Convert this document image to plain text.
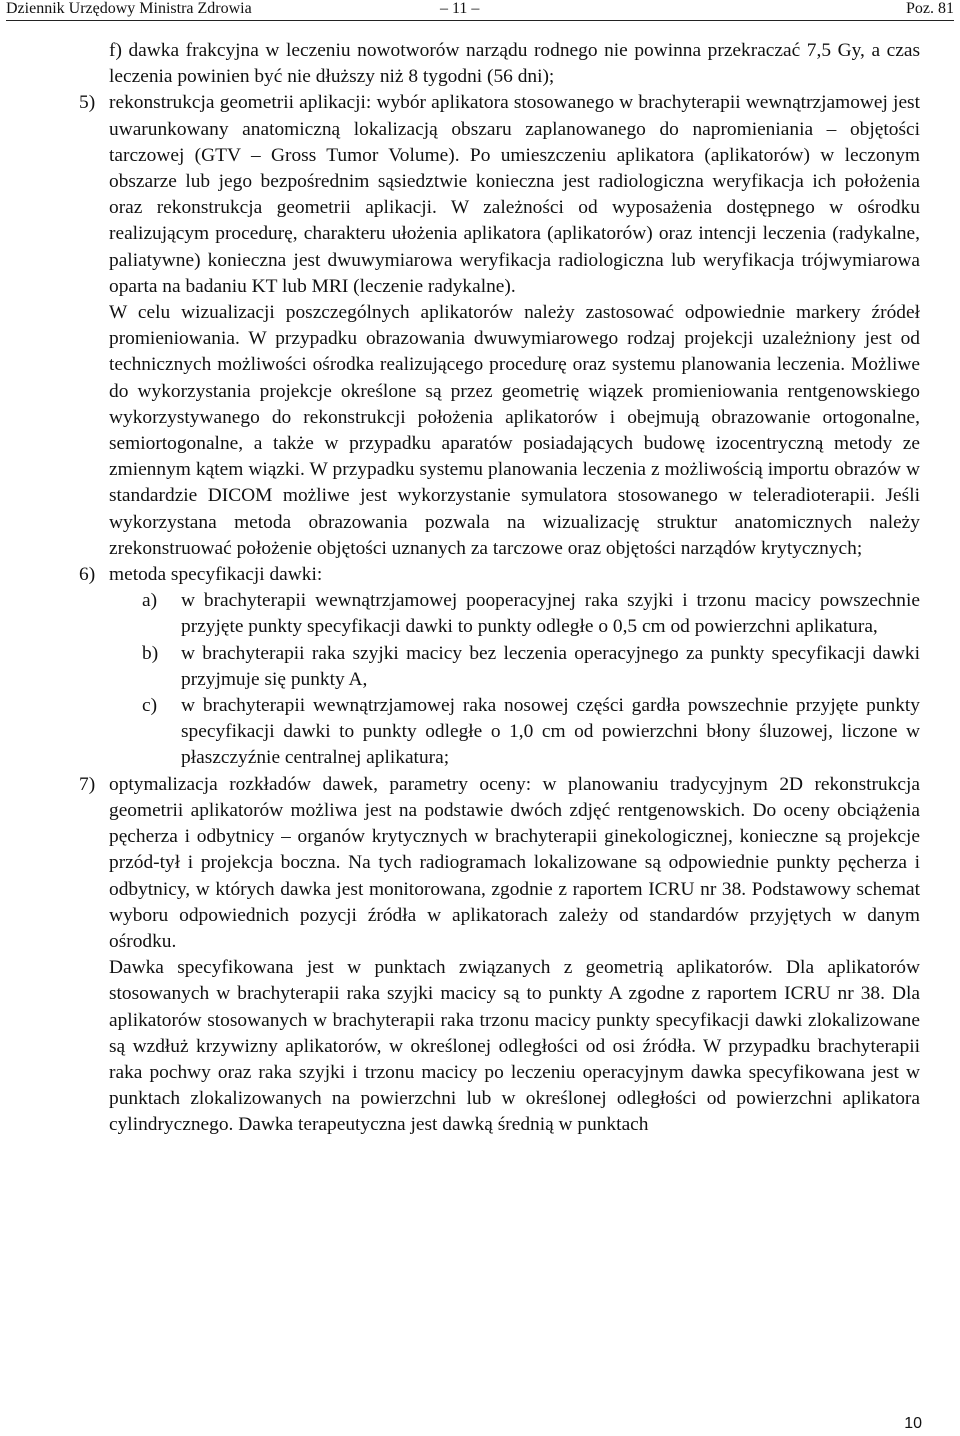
Dziennik Urzędowy Ministra Zdrowia	– 11 –	Poz. 81

f) dawka frakcyjna w leczeniu nowotworów narządu rodnego nie powinna przekraczać 7,5 Gy, a czas leczenia powinien być nie dłuższy niż 8 tygodni (56 dni);

5) rekonstrukcja geometrii aplikacji: wybór aplikatora stosowanego w brachyterapii wewnątrzjamowej jest uwarunkowany anatomiczną lokalizacją obszaru zaplanowanego do napromieniania – objętości tarczowej (GTV – Gross Tumor Volume). Po umieszczeniu aplikatora (aplikatorów) w leczonym obszarze lub jego bezpośrednim sąsiedztwie konieczna jest radiologiczna weryfikacja ich położenia oraz rekonstrukcja geometrii aplikacji. W zależności od wyposażenia dostępnego w ośrodku realizującym procedurę, charakteru ułożenia aplikatora (aplikatorów) oraz intencji leczenia (radykalne, paliatywne) konieczna jest dwuwymiarowa weryfikacja radiologiczna lub weryfikacja trójwymiarowa oparta na badaniu KT lub MRI (leczenie radykalne).

W celu wizualizacji poszczególnych aplikatorów należy zastosować odpowiednie markery źródeł promieniowania. W przypadku obrazowania dwuwymiarowego rodzaj projekcji uzależniony jest od technicznych możliwości ośrodka realizującego procedurę oraz systemu planowania leczenia. Możliwe do wykorzystania projekcje określone są przez geometrię wiązek promieniowania rentgenowskiego wykorzystywanego do rekonstrukcji położenia aplikatorów i obejmują obrazowanie ortogonalne, semiortogonalne, a także w przypadku aparatów posiadających budowę izocentryczną metody ze zmiennym kątem wiązki. W przypadku systemu planowania leczenia z możliwością importu obrazów w standardzie DICOM możliwe jest wykorzystanie symulatora stosowanego w teleradioterapii. Jeśli wykorzystana metoda obrazowania pozwala na wizualizację struktur anatomicznych należy zrekonstruować położenie objętości uznanych za tarczowe oraz objętości narządów krytycznych;

6) metoda specyfikacji dawki:

a) w brachyterapii wewnątrzjamowej pooperacyjnej raka szyjki i trzonu macicy powszechnie przyjęte punkty specyfikacji dawki to punkty odległe o 0,5 cm od powierzchni aplikatura,

b) w brachyterapii raka szyjki macicy bez leczenia operacyjnego za punkty specyfikacji dawki przyjmuje się punkty A,

c) w brachyterapii wewnątrzjamowej raka nosowej części gardła powszechnie przyjęte punkty specyfikacji dawki to punkty odległe o 1,0 cm od powierzchni błony śluzowej, liczone w płaszczyźnie centralnej aplikatura;

7) optymalizacja rozkładów dawek, parametry oceny: w planowaniu tradycyjnym 2D rekonstrukcja geometrii aplikatorów możliwa jest na podstawie dwóch zdjęć rentgenowskich. Do oceny obciążenia pęcherza i odbytnicy – organów krytycznych w brachyterapii ginekologicznej, konieczne są projekcje przód-tył i projekcja boczna. Na tych radiogramach lokalizowane są odpowiednie punkty pęcherza i odbytnicy, w których dawka jest monitorowana, zgodnie z raportem ICRU nr 38. Podstawowy schemat wyboru odpowiednich pozycji źródła w aplikatorach zależy od standardów przyjętych w danym ośrodku.

Dawka specyfikowana jest w punktach związanych z geometrią aplikatorów. Dla aplikatorów stosowanych w brachyterapii raka szyjki macicy są to punkty A zgodne z raportem ICRU nr 38. Dla aplikatorów stosowanych w brachyterapii raka trzonu macicy punkty specyfikacji dawki zlokalizowane są wzdłuż krzywizny aplikatorów, w określonej odległości od osi źródła. W przypadku brachyterapii raka pochwy oraz raka szyjki i trzonu macicy po leczeniu operacyjnym dawka specyfikowana jest w punktach zlokalizowanych na powierzchni lub w określonej odległości od powierzchni aplikatora cylindrycznego. Dawka terapeutyczna jest dawką średnią w punktach

10
